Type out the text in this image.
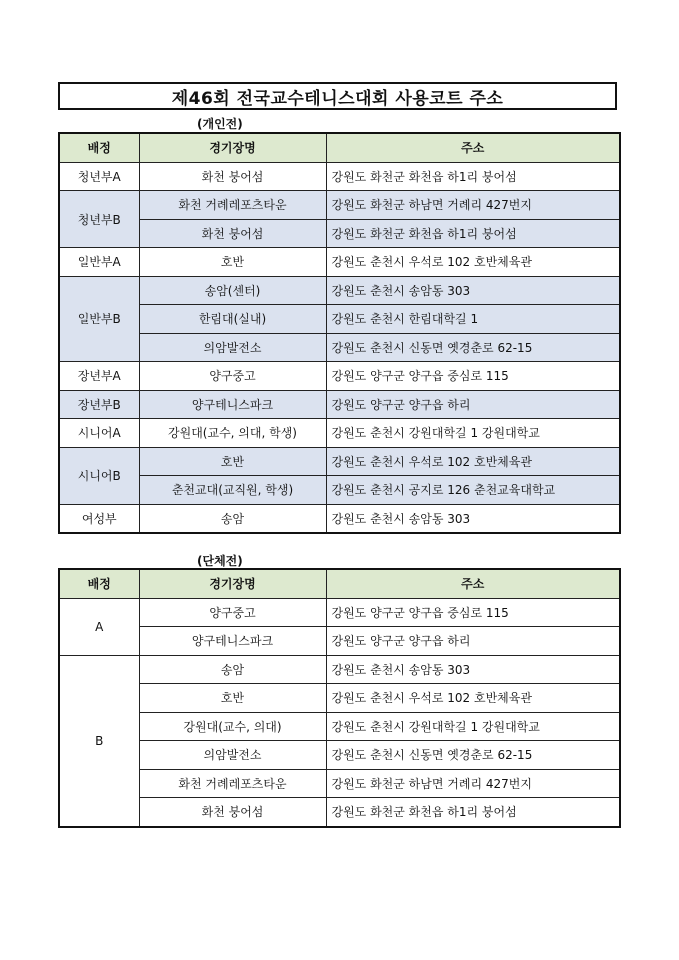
제46회 전국교수테니스대회 사용코트 주소
(개인전)
배정	경기장명	주소
청년부A	화천 붕어섬	강원도 화천군 화천읍 하1리 붕어섬
청년부B	화천 거례레포츠타운	강원도 화천군 하남면 거례리 427번지
	화천 붕어섬	강원도 화천군 화천읍 하1리 붕어섬
일반부A	호반	강원도 춘천시 우석로 102 호반체육관
일반부B	송암(센터)	강원도 춘천시 송암동 303
	한림대(실내)	강원도 춘천시 한림대학길 1
	의암발전소	강원도 춘천시 신동면 옛경춘로 62-15
장년부A	양구중고	강원도 양구군 양구읍 중심로 115
장년부B	양구테니스파크	강원도 양구군 양구읍 하리
시니어A	강원대(교수, 의대, 학생)	강원도 춘천시 강원대학길 1 강원대학교
시니어B	호반	강원도 춘천시 우석로 102 호반체육관
	춘천교대(교직원, 학생)	강원도 춘천시 공지로 126 춘천교육대학교
여성부	송암	강원도 춘천시 송암동 303
(단체전)
배정	경기장명	주소
A	양구중고	강원도 양구군 양구읍 중심로 115
	양구테니스파크	강원도 양구군 양구읍 하리
B	송암	강원도 춘천시 송암동 303
	호반	강원도 춘천시 우석로 102 호반체육관
	강원대(교수, 의대)	강원도 춘천시 강원대학길 1 강원대학교
	의암발전소	강원도 춘천시 신동면 옛경춘로 62-15
	화천 거례레포츠타운	강원도 화천군 하남면 거례리 427번지
	화천 붕어섬	강원도 화천군 화천읍 하1리 붕어섬
